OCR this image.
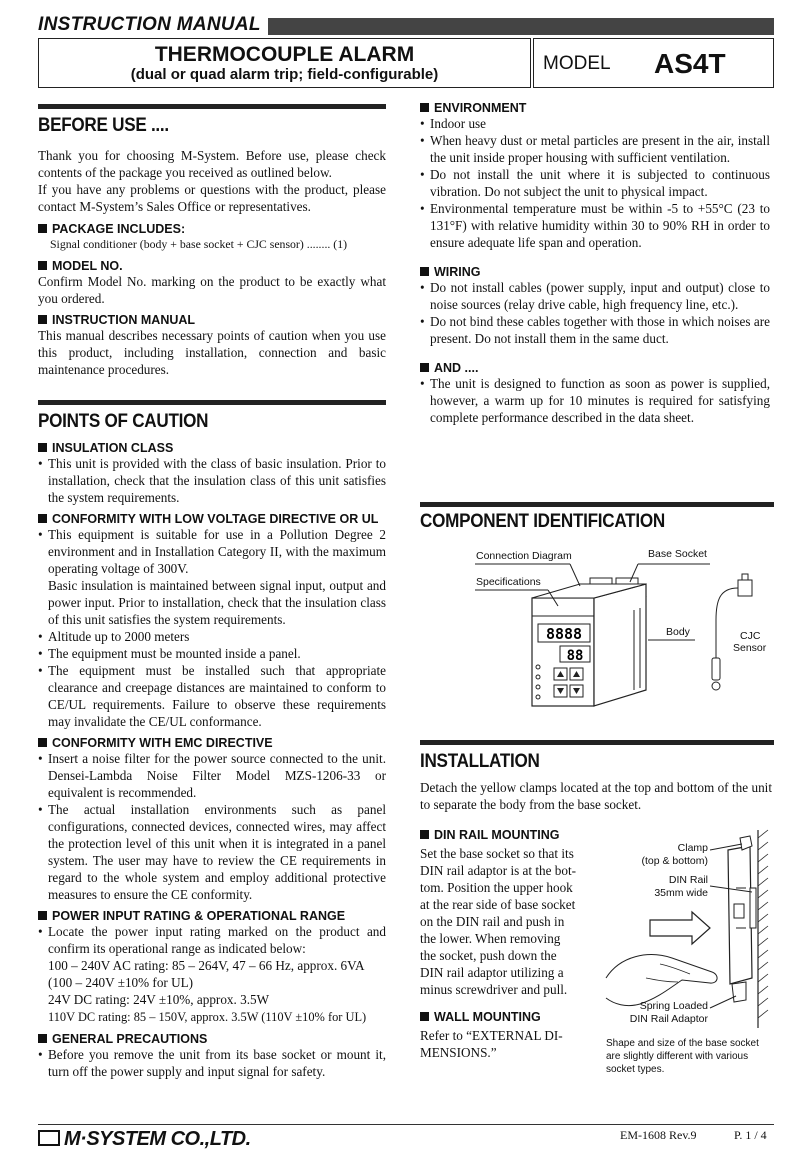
INSTRUCTION MANUAL
THERMOCOUPLE ALARM
(dual or quad alarm trip; field-configurable)
MODEL AS4T
BEFORE USE ....
Thank you for choosing M-System. Before use, please check contents of the package you received as outlined below.
If you have any problems or questions with the product, please contact M-System’s Sales Office or representatives.
PACKAGE INCLUDES:
Signal conditioner (body + base socket + CJC sensor) ........ (1)
MODEL NO.
Confirm Model No. marking on the product to be exactly what you ordered.
INSTRUCTION MANUAL
This manual describes necessary points of caution when you use this product, including installation, connection and basic maintenance procedures.
POINTS OF CAUTION
INSULATION CLASS
• This unit is provided with the class of basic insulation. Prior to installation, check that the insulation class of this unit satisfies the system requirements.
CONFORMITY WITH LOW VOLTAGE DIRECTIVE OR UL
• This equipment is suitable for use in a Pollution Degree 2 environment and in Installation Category II, with the maximum operating voltage of 300V.
Basic insulation is maintained between signal input, output and power input. Prior to installation, check that the insulation class of this unit satisfies the system requirements.
• Altitude up to 2000 meters
• The equipment must be mounted inside a panel.
• The equipment must be installed such that appropriate clearance and creepage distances are maintained to conform to CE/UL requirements. Failure to observe these requirements may invalidate the CE/UL conformance.
CONFORMITY WITH EMC DIRECTIVE
• Insert a noise filter for the power source connected to the unit. Densei-Lambda Noise Filter Model MZS-1206-33 or equivalent is recommended.
• The actual installation environments such as panel configurations, connected devices, connected wires, may affect the protection level of this unit when it is integrated in a panel system. The user may have to review the CE requirements in regard to the whole system and employ additional protective measures to ensure the CE conformity.
POWER INPUT RATING & OPERATIONAL RANGE
• Locate the power input rating marked on the product and confirm its operational range as indicated below:
100 – 240V AC rating: 85 – 264V, 47 – 66 Hz, approx. 6VA
(100 – 240V ±10% for UL)
24V DC rating: 24V ±10%, approx. 3.5W
110V DC rating: 85 – 150V, approx. 3.5W (110V ±10% for UL)
GENERAL PRECAUTIONS
• Before you remove the unit from its base socket or mount it, turn off the power supply and input signal for safety.
ENVIRONMENT
• Indoor use
• When heavy dust or metal particles are present in the air, install the unit inside proper housing with sufficient ventilation.
• Do not install the unit where it is subjected to continuous vibration. Do not subject the unit to physical impact.
• Environmental temperature must be within -5 to +55°C (23 to 131°F) with relative humidity within 30 to 90% RH in order to ensure adequate life span and operation.
WIRING
• Do not install cables (power supply, input and output) close to noise sources (relay drive cable, high frequency line, etc.).
• Do not bind these cables together with those in which noises are present. Do not install them in the same duct.
AND ....
• The unit is designed to function as soon as power is supplied, however, a warm up for 10 minutes is required for satisfying complete performance described in the data sheet.
COMPONENT IDENTIFICATION
8888
88
Connection Diagram
Specifications
Base Socket
Body	CJC
Sensor
INSTALLATION
Detach the yellow clamps located at the top and bottom of the unit to separate the body from the base socket.
DIN RAIL MOUNTING
Set the base socket so that its
DIN rail adaptor is at the bot-
tom. Position the upper hook
at the rear side of base socket
on the DIN rail and push in
the lower. When removing
the socket, push down the
DIN rail adaptor utilizing a
minus screwdriver and pull.
WALL MOUNTING
Refer to “EXTERNAL DI-
MENSIONS.”
Clamp
(top & bottom)
DIN Rail
35mm wide
Spring Loaded
DIN Rail Adaptor
Shape and size of the base socket
are slightly different with various
socket types.
M·SYSTEM CO.,LTD.	EM-1608 Rev.9	P. 1 / 4
